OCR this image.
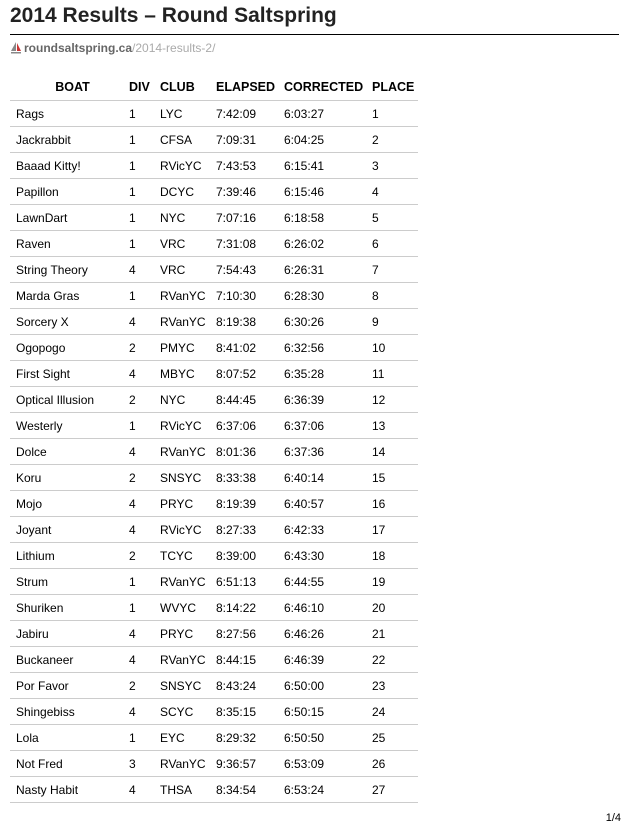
2014 Results – Round Saltspring
roundsaltspring.ca/2014-results-2/
BOAT	DIV	CLUB	ELAPSED	CORRECTED	PLACE
Rags	1	LYC	7:42:09	6:03:27	1
Jackrabbit	1	CFSA	7:09:31	6:04:25	2
Baaad Kitty!	1	RVicYC	7:43:53	6:15:41	3
Papillon	1	DCYC	7:39:46	6:15:46	4
LawnDart	1	NYC	7:07:16	6:18:58	5
Raven	1	VRC	7:31:08	6:26:02	6
String Theory	4	VRC	7:54:43	6:26:31	7
Marda Gras	1	RVanYC	7:10:30	6:28:30	8
Sorcery X	4	RVanYC	8:19:38	6:30:26	9
Ogopogo	2	PMYC	8:41:02	6:32:56	10
First Sight	4	MBYC	8:07:52	6:35:28	11
Optical Illusion	2	NYC	8:44:45	6:36:39	12
Westerly	1	RVicYC	6:37:06	6:37:06	13
Dolce	4	RVanYC	8:01:36	6:37:36	14
Koru	2	SNSYC	8:33:38	6:40:14	15
Mojo	4	PRYC	8:19:39	6:40:57	16
Joyant	4	RVicYC	8:27:33	6:42:33	17
Lithium	2	TCYC	8:39:00	6:43:30	18
Strum	1	RVanYC	6:51:13	6:44:55	19
Shuriken	1	WVYC	8:14:22	6:46:10	20
Jabiru	4	PRYC	8:27:56	6:46:26	21
Buckaneer	4	RVanYC	8:44:15	6:46:39	22
Por Favor	2	SNSYC	8:43:24	6:50:00	23
Shingebiss	4	SCYC	8:35:15	6:50:15	24
Lola	1	EYC	8:29:32	6:50:50	25
Not Fred	3	RVanYC	9:36:57	6:53:09	26
Nasty Habit	4	THSA	8:34:54	6:53:24	27
1/4
